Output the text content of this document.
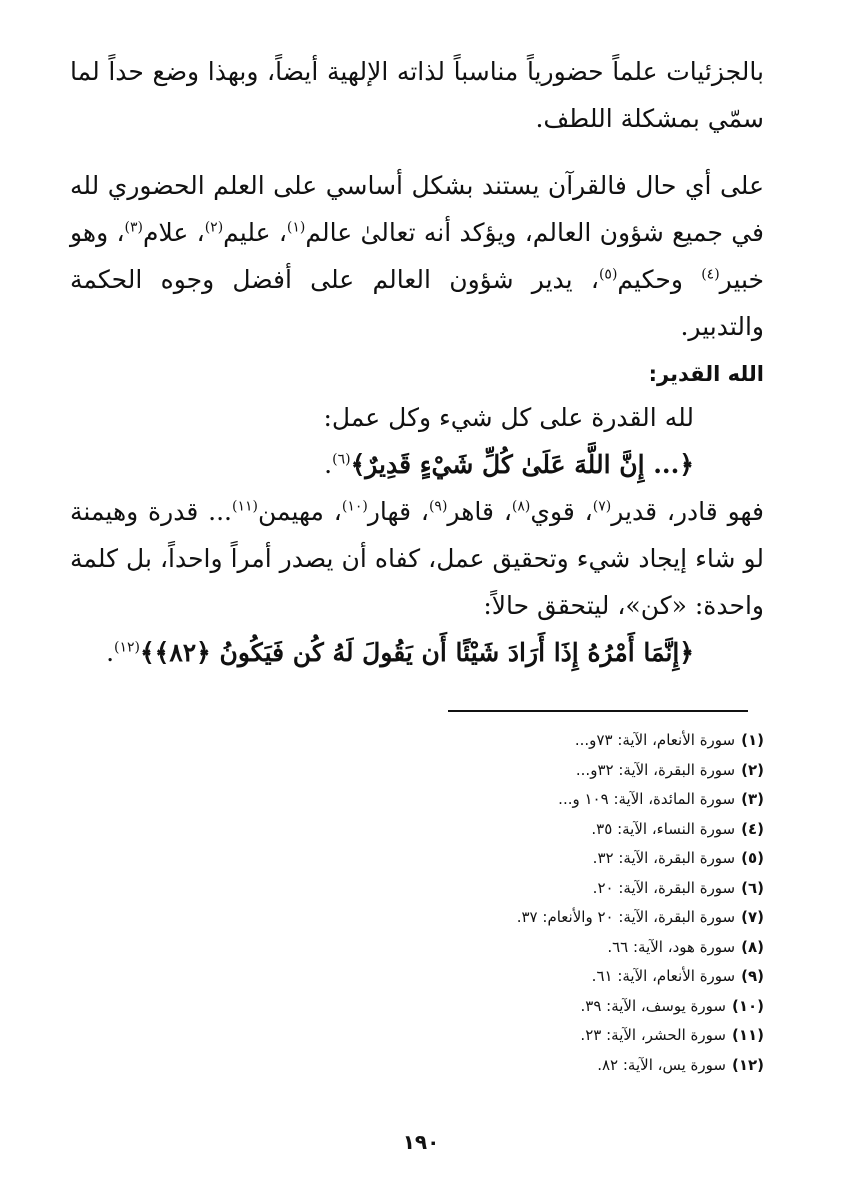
بالجزئيات علماً حضورياً مناسباً لذاته الإلهية أيضاً، وبهذا وضع حداً لما سمّي بمشكلة اللطف.

على أي حال فالقرآن يستند بشكل أساسي على العلم الحضوري لله في جميع شؤون العالم، ويؤكد أنه تعالىٰ عالم$^{(١)}$، عليم$^{(٢)}$، علام$^{(٣)}$، وهو خبير$^{(٤)}$ وحكيم$^{(٥)}$، يدير شؤون العالم على أفضل وجوه الحكمة والتدبير.

الله القدير:

لله القدرة على كل شيء وكل عمل:

﴿... إِنَّ اللَّهَ عَلَىٰ كُلِّ شَيْءٍ قَدِيرٌ﴾$^{(٦)}$.

فهو قادر، قدير$^{(٧)}$، قوي$^{(٨)}$، قاهر$^{(٩)}$، قهار$^{(١٠)}$، مهيمن$^{(١١)}$... قدرة وهيمنة لو شاء إيجاد شيء وتحقيق عمل، كفاه أن يصدر أمراً واحداً، بل كلمة واحدة: «كن»، ليتحقق حالاً:

﴿إِنَّمَا أَمْرُهُ إِذَا أَرَادَ شَيْئًا أَن يَقُولَ لَهُ كُن فَيَكُونُ ﴿٨٢﴾﴾$^{(١٢)}$.

(١)سورة الأنعام، الآية: ٧٣و...
(٢)سورة البقرة، الآية: ٣٢و...
(٣)سورة المائدة، الآية: ١٠٩ و...
(٤)سورة النساء، الآية: ٣٥.
(٥)سورة البقرة، الآية: ٣٢.
(٦)سورة البقرة، الآية: ٢٠.
(٧)سورة البقرة، الآية: ٢٠ والأنعام: ٣٧.
(٨)سورة هود، الآية: ٦٦.
(٩)سورة الأنعام، الآية: ٦١.
(١٠)سورة يوسف، الآية: ٣٩.
(١١)سورة الحشر، الآية: ٢٣.
(١٢)سورة يس، الآية: ٨٢.
١٩٠
